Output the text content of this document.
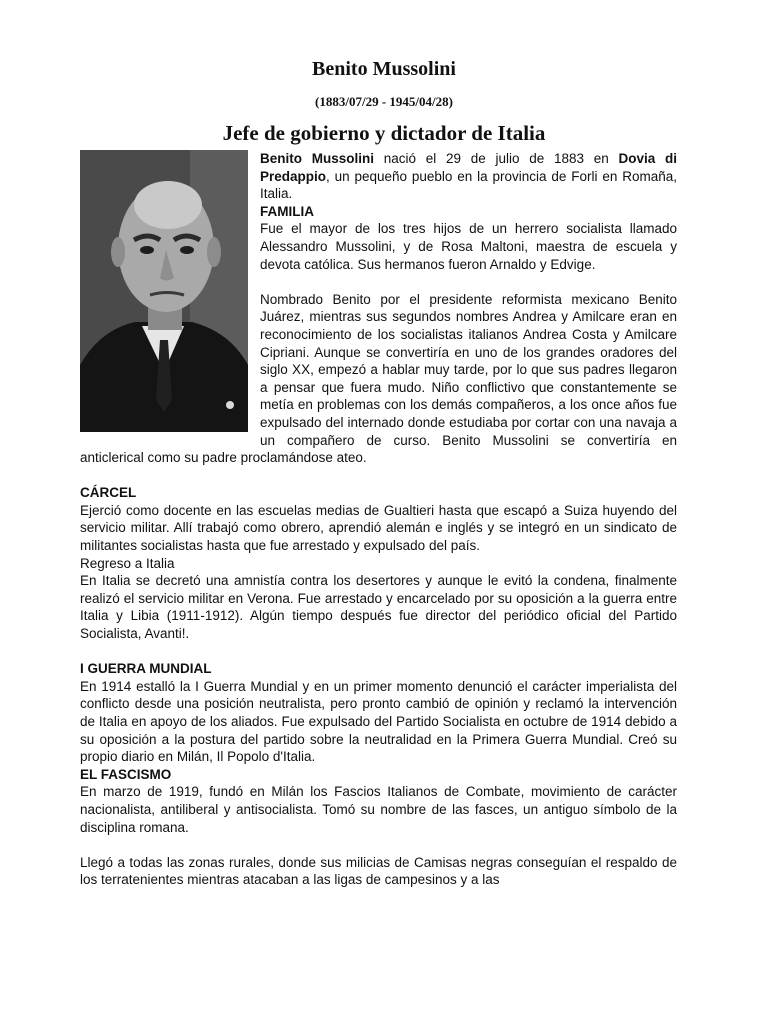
Benito Mussolini
(1883/07/29 - 1945/04/28)
Jefe de gobierno y dictador de Italia

Benito Mussolini nació el 29 de julio de 1883 en Dovia di Predappio, un pequeño pueblo en la provincia de Forli en Romaña, Italia.

FAMILIA

Fue el mayor de los tres hijos de un herrero socialista llamado Alessandro Mussolini, y de Rosa Maltoni, maestra de escuela y devota católica. Sus hermanos fueron Arnaldo y Edvige.

Nombrado Benito por el presidente reformista mexicano Benito Juárez, mientras sus segundos nombres Andrea y Amilcare eran en reconocimiento de los socialistas italianos Andrea Costa y Amilcare Cipriani. Aunque se convertiría en uno de los grandes oradores del siglo XX, empezó a hablar muy tarde, por lo que sus padres llegaron a pensar que fuera mudo. Niño conflictivo que constantemente se metía en problemas con los demás compañeros, a los once años fue expulsado del internado donde estudiaba por cortar con una navaja a un compañero de curso. Benito Mussolini se convertiría en anticlerical como su padre proclamándose ateo.

CÁRCEL

Ejerció como docente en las escuelas medias de Gualtieri hasta que escapó a Suiza huyendo del servicio militar. Allí trabajó como obrero, aprendió alemán e inglés y se integró en un sindicato de militantes socialistas hasta que fue arrestado y expulsado del país.

Regreso a Italia

En Italia se decretó una amnistía contra los desertores y aunque le evitó la condena, finalmente realizó el servicio militar en Verona. Fue arrestado y encarcelado por su oposición a la guerra entre Italia y Libia (1911-1912). Algún tiempo después fue director del periódico oficial del Partido Socialista, Avanti!.

I GUERRA MUNDIAL

En 1914 estalló la I Guerra Mundial y en un primer momento denunció el carácter imperialista del conflicto desde una posición neutralista, pero pronto cambió de opinión y reclamó la intervención de Italia en apoyo de los aliados. Fue expulsado del Partido Socialista en octubre de 1914 debido a su oposición a la postura del partido sobre la neutralidad en la Primera Guerra Mundial. Creó su propio diario en Milán, Il Popolo d'Italia.

EL FASCISMO

En marzo de 1919, fundó en Milán los Fascios Italianos de Combate, movimiento de carácter nacionalista, antiliberal y antisocialista. Tomó su nombre de las fasces, un antiguo símbolo de la disciplina romana.

Llegó a todas las zonas rurales, donde sus milicias de Camisas negras conseguían el respaldo de los terratenientes mientras atacaban a las ligas de campesinos y a las
